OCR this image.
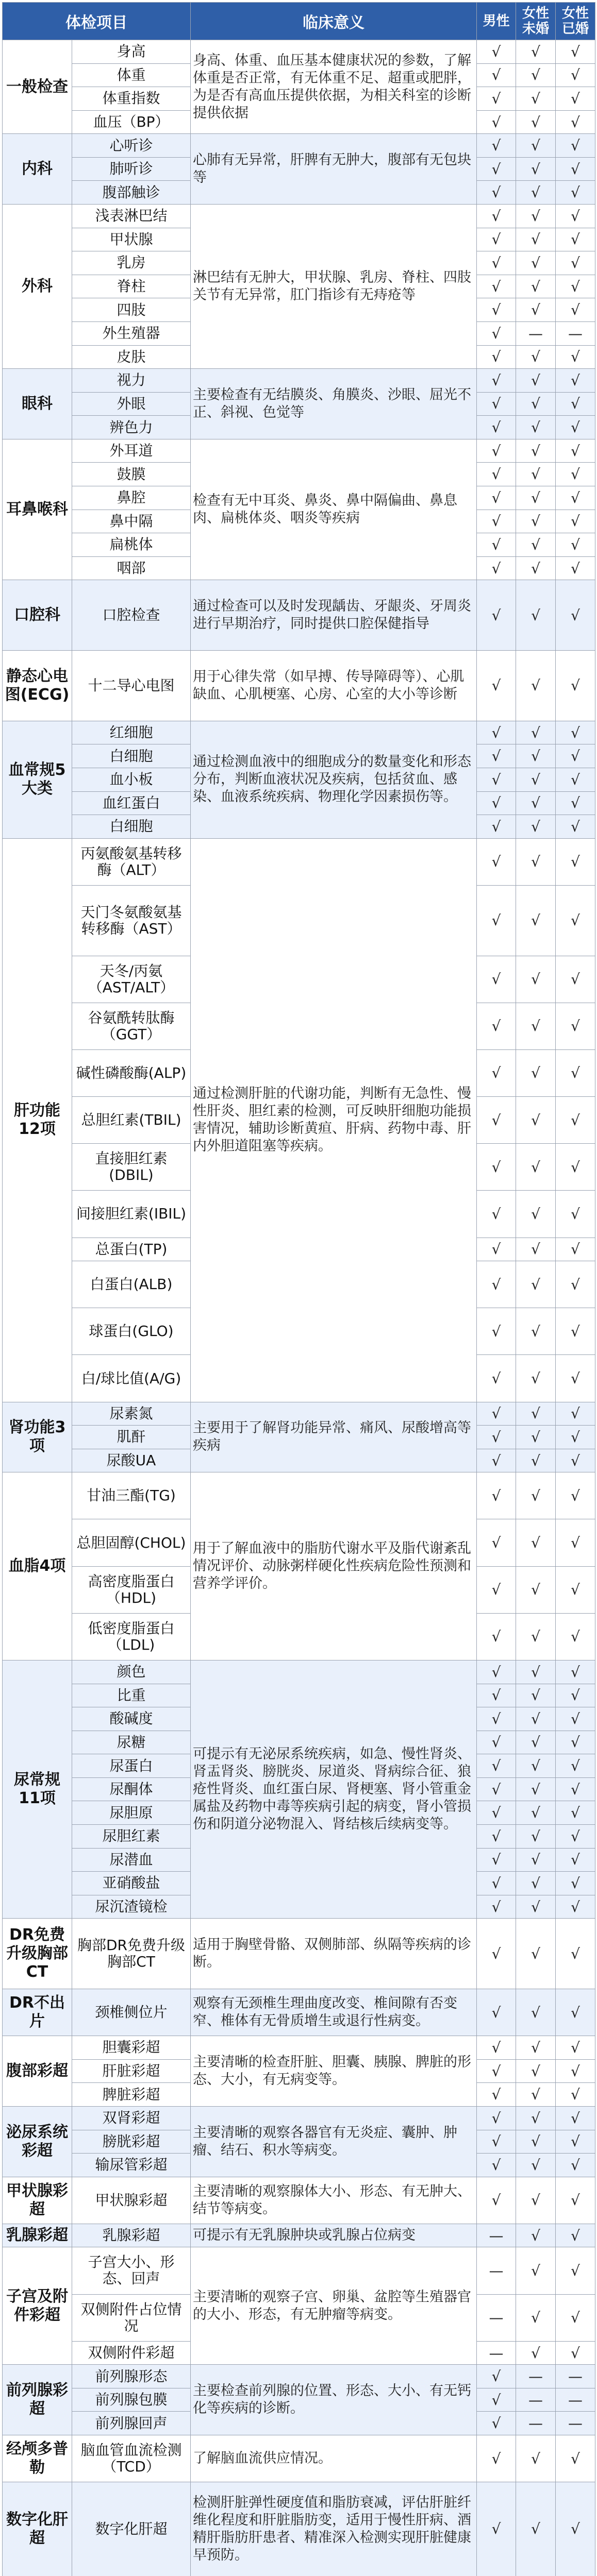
体检项目		临床意义	男性	女性未婚	女性已婚
一般检查	身高	身高、体重、血压基本健康状况的参数，了解体重是否正常，有无体重不足、超重或肥胖，为是否有高血压提供依据，为相关科室的诊断提供依据	√	√	√
	体重		√	√	√
	体重指数		√	√	√
	血压（BP）		√	√	√
内科	心听诊	心肺有无异常，肝脾有无肿大，腹部有无包块等	√	√	√
	肺听诊		√	√	√
	腹部触诊		√	√	√
外科	浅表淋巴结	淋巴结有无肿大，甲状腺、乳房、脊柱、四肢关节有无异常，肛门指诊有无痔疮等	√	√	√
	甲状腺		√	√	√
	乳房		√	√	√
	脊柱		√	√	√
	四肢		√	√	√
	外生殖器		√	—	—
	皮肤		√	√	√
眼科	视力	主要检查有无结膜炎、角膜炎、沙眼、屈光不正、斜视、色觉等	√	√	√
	外眼		√	√	√
	辨色力		√	√	√
耳鼻喉科	外耳道	检查有无中耳炎、鼻炎、鼻中隔偏曲、鼻息肉、扁桃体炎、咽炎等疾病	√	√	√
	鼓膜		√	√	√
	鼻腔		√	√	√
	鼻中隔		√	√	√
	扁桃体		√	√	√
	咽部		√	√	√
口腔科	口腔检查	通过检查可以及时发现龋齿、牙龈炎、牙周炎进行早期治疗，同时提供口腔保健指导	√	√	√
静态心电图(ECG)	十二导心电图	用于心律失常（如早搏、传导障碍等）、心肌缺血、心肌梗塞、心房、心室的大小等诊断	√	√	√
血常规5大类	红细胞	通过检测血液中的细胞成分的数量变化和形态分布，判断血液状况及疾病，包括贫血、感染、血液系统疾病、物理化学因素损伤等。	√	√	√
	白细胞		√	√	√
	血小板		√	√	√
	血红蛋白		√	√	√
	白细胞		√	√	√
肝功能12项	丙氨酸氨基转移酶（ALT）	通过检测肝脏的代谢功能，判断有无急性、慢性肝炎、胆红素的检测，可反映肝细胞功能损害情况，辅助诊断黄疸、肝病、药物中毒、肝内外胆道阻塞等疾病。	√	√	√
	天门冬氨酸氨基转移酶（AST）		√	√	√
	天冬/丙氨（AST/ALT）		√	√	√
	谷氨酰转肽酶（GGT）		√	√	√
	碱性磷酸酶(ALP)		√	√	√
	总胆红素(TBIL)		√	√	√
	直接胆红素(DBIL)		√	√	√
	间接胆红素(IBIL)		√	√	√
	总蛋白(TP)		√	√	√
	白蛋白(ALB)		√	√	√
	球蛋白(GLO)		√	√	√
	白/球比值(A/G)		√	√	√
肾功能3项	尿素氮	主要用于了解肾功能异常、痛风、尿酸增高等疾病	√	√	√
	肌酐		√	√	√
	尿酸UA		√	√	√
血脂4项	甘油三酯(TG)	用于了解血液中的脂肪代谢水平及脂代谢紊乱情况评价、动脉粥样硬化性疾病危险性预测和营养学评价。	√	√	√
	总胆固醇(CHOL)		√	√	√
	高密度脂蛋白（HDL)		√	√	√
	低密度脂蛋白（LDL)		√	√	√
尿常规11项	颜色	可提示有无泌尿系统疾病，如急、慢性肾炎、肾盂肾炎、膀胱炎、尿道炎、肾病综合征、狼疮性肾炎、血红蛋白尿、肾梗塞、肾小管重金属盐及药物中毒等疾病引起的病变，肾小管损伤和阴道分泌物混入、肾结核后续病变等。	√	√	√
	比重		√	√	√
	酸碱度		√	√	√
	尿糖		√	√	√
	尿蛋白		√	√	√
	尿酮体		√	√	√
	尿胆原		√	√	√
	尿胆红素		√	√	√
	尿潜血		√	√	√
	亚硝酸盐		√	√	√
	尿沉渣镜检		√	√	√
DR免费升级胸部CT	胸部DR免费升级胸部CT	适用于胸壁骨骼、双侧肺部、纵隔等疾病的诊断。	√	√	√
DR不出片	颈椎侧位片	观察有无颈椎生理曲度改变、椎间隙有否变窄、椎体有无骨质增生或退行性病变。	√	√	√
腹部彩超	胆囊彩超	主要清晰的检查肝脏、胆囊、胰腺、脾脏的形态、大小，有无病变等。	√	√	√
	肝脏彩超		√	√	√
	脾脏彩超		√	√	√
泌尿系统彩超	双肾彩超	主要清晰的观察各器官有无炎症、囊肿、肿瘤、结石、积水等病变。	√	√	√
	膀胱彩超		√	√	√
	输尿管彩超		√	√	√
甲状腺彩超	甲状腺彩超	主要清晰的观察腺体大小、形态、有无肿大、结节等病变。	√	√	√
乳腺彩超	乳腺彩超	可提示有无乳腺肿块或乳腺占位病变	—	√	√
子宫及附件彩超	子宫大小、形态、回声	主要清晰的观察子宫、卵巢、盆腔等生殖器官的大小、形态，有无肿瘤等病变。	—	√	√
	双侧附件占位情况		—	√	√
	双侧附件彩超		—	√	√
前列腺彩超	前列腺形态	主要检查前列腺的位置、形态、大小、有无钙化等疾病的诊断。	√	—	—
	前列腺包膜		√	—	—
	前列腺回声		√	—	—
经颅多普勒	脑血管血流检测（TCD）	了解脑血流供应情况。	√	√	√
数字化肝超	数字化肝超	检测肝脏弹性硬度值和脂肪衰减，评估肝脏纤维化程度和肝脏脂肪变，适用于慢性肝病、酒精肝脂肪肝患者、精准深入检测实现肝脏健康早预防。	√	√	√
